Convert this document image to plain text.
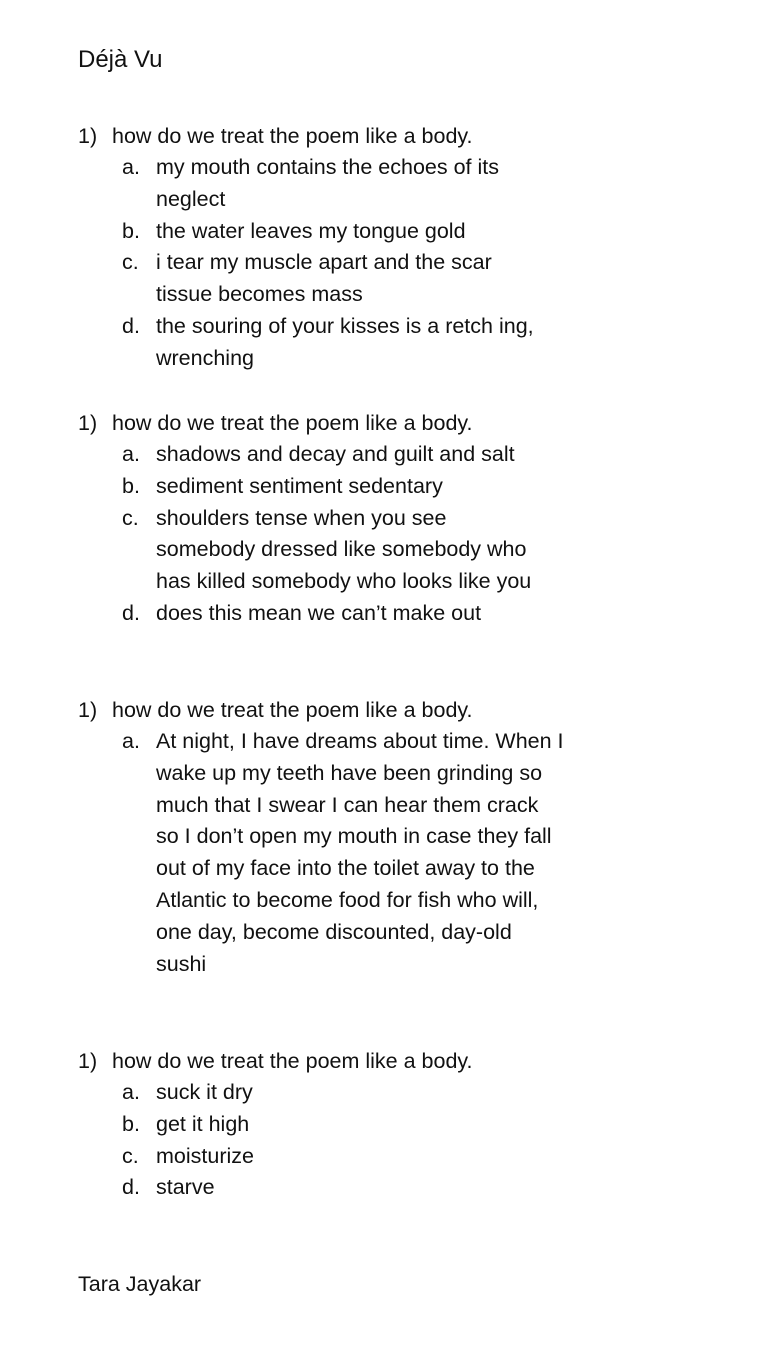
Déjà Vu
1) how do we treat the poem like a body.
a. my mouth contains the echoes of its neglect
b. the water leaves my tongue gold
c. i tear my muscle apart and the scar tissue becomes mass
d. the souring of your kisses is a retch ing, wrenching
1) how do we treat the poem like a body.
a. shadows and decay and guilt and salt
b. sediment sentiment sedentary
c. shoulders tense when you see somebody dressed like somebody who has killed somebody who looks like you
d. does this mean we can’t make out
1) how do we treat the poem like a body.
a. At night, I have dreams about time. When I wake up my teeth have been grinding so much that I swear I can hear them crack so I don’t open my mouth in case they fall out of my face into the toilet away to the Atlantic to become food for fish who will, one day, become discounted, day-old sushi
1) how do we treat the poem like a body.
a. suck it dry
b. get it high
c. moisturize
d. starve
Tara Jayakar
